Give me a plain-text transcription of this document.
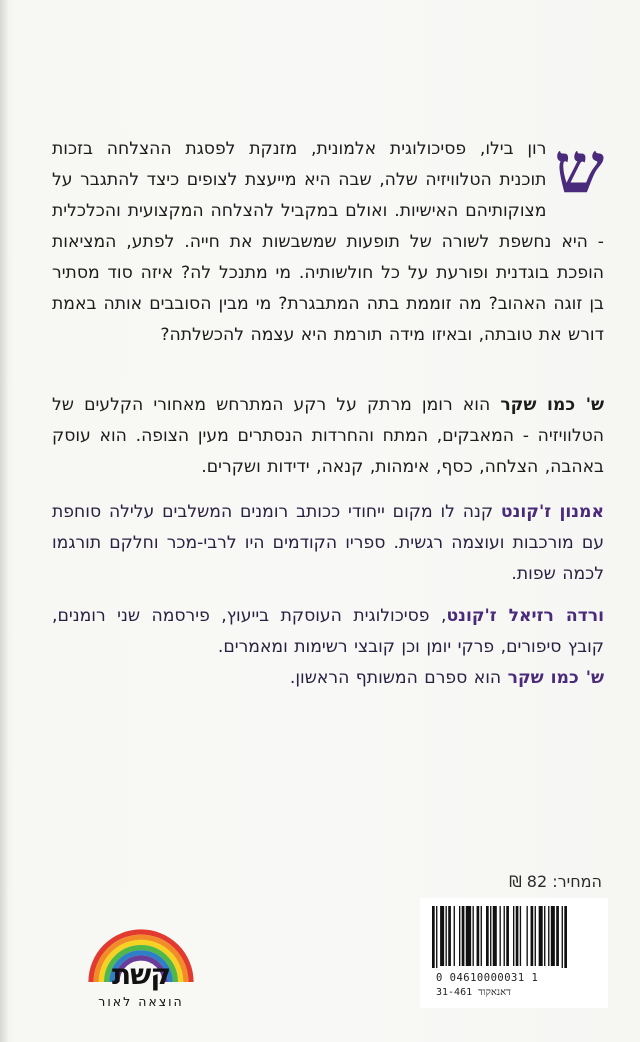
ש

רון בילו, פסיכולוגית אלמונית, מזנקת לפסגת ההצלחה בזכות תוכנית הטלוויזיה שלה, שבה היא מייעצת לצופים כיצד להתגבר על מצוקותיהם האישיות. ואולם במקביל להצלחה המקצועית והכלכלית - היא נחשפת לשורה של תופעות שמשבשות את חייה. לפתע, המציאות הופכת בוגדנית ופורעת על כל חולשותיה. מי מתנכל לה? איזה סוד מסתיר בן זוגה האהוב? מה זוממת בתה המתבגרת? מי מבין הסובבים אותה באמת דורש את טובתה, ובאיזו מידה תורמת היא עצמה להכשלתה?

ש' כמו שקר הוא רומן מרתק על רקע המתרחש מאחורי הקלעים של הטלוויזיה - המאבקים, המתח והחרדות הנסתרים מעין הצופה. הוא עוסק באהבה, הצלחה, כסף, אימהות, קנאה, ידידות ושקרים.

אמנון ז'קונט קנה לו מקום ייחודי ככותב רומנים המשלבים עלילה סוחפת עם מורכבות ועוצמה רגשית. ספריו הקודמים היו לרבי-מכר וחלקם תורגמו לכמה שפות.

ורדה רזיאל ז'קונט, פסיכולוגית העוסקת בייעוץ, פירסמה שני רומנים, קובץ סיפורים, פרקי יומן וכן קובצי רשימות ומאמרים.
ש' כמו שקר הוא ספרם המשותף הראשון.

המחיר: 82 ₪
0 04610000031 1
דאנאקוד 31-461
קשת
הוצאה לאור
